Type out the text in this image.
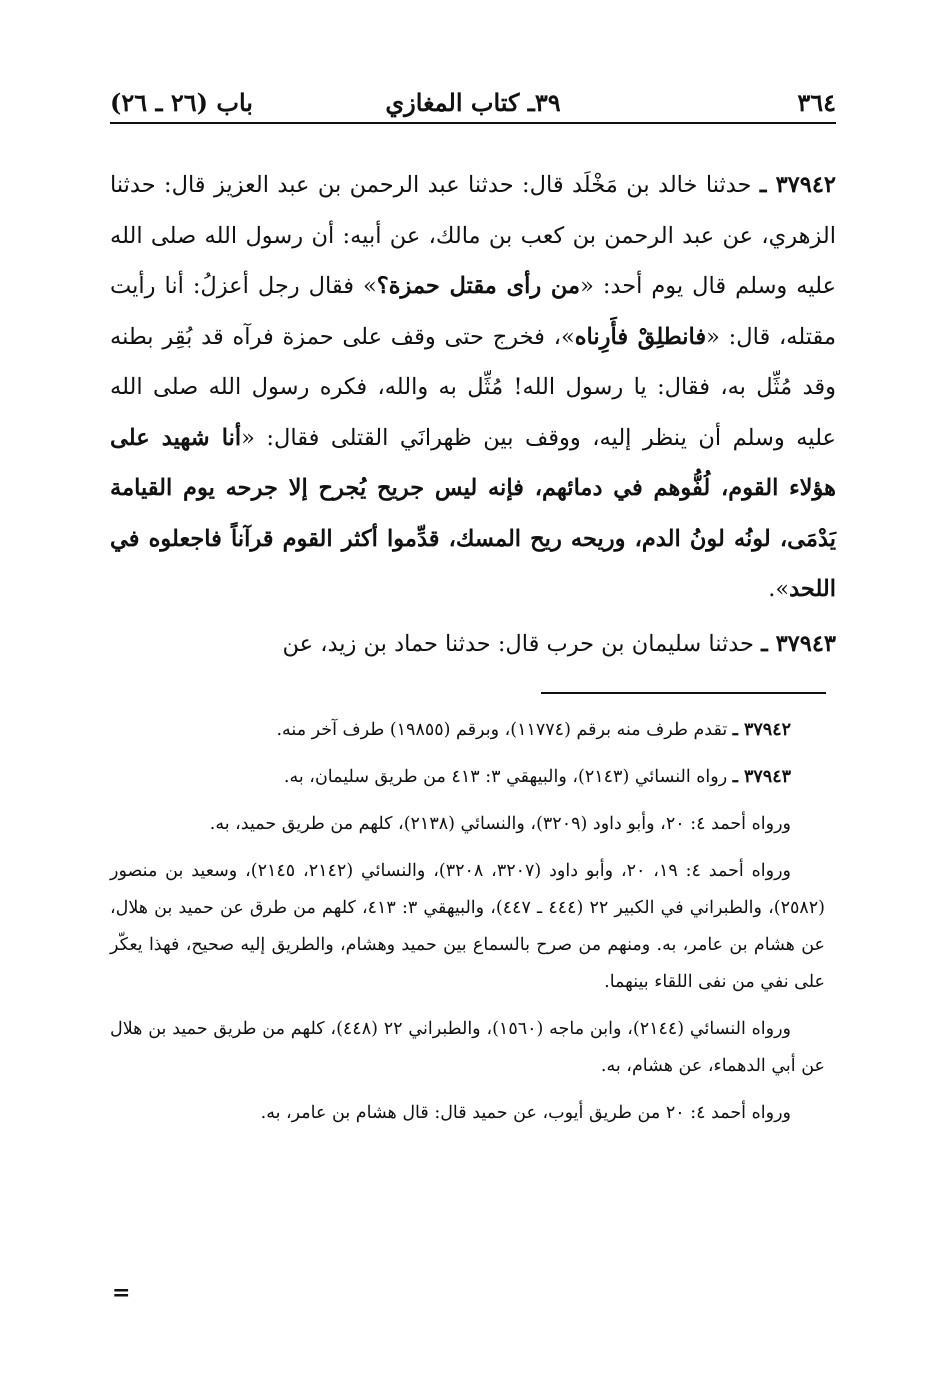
٣٦٤
٣٩ـ كتاب المغازي
باب (٢٦ ـ ٢٦)

٣٧٩٤٢ ـ حدثنا خالد بن مَخْلَد قال: حدثنا عبد الرحمن بن عبد العزيز قال: حدثنا الزهري، عن عبد الرحمن بن كعب بن مالك، عن أبيه: أن رسول الله صلى الله عليه وسلم قال يوم أحد: «من رأى مقتل حمزة؟» فقال رجل أعزلُ: أنا رأيت مقتله، قال: «فانطلِقْ فأَرِناه»، فخرج حتى وقف على حمزة فرآه قد بُقِر بطنه وقد مُثِّل به، فقال: يا رسول الله! مُثِّل به والله، فكره رسول الله صلى الله عليه وسلم أن ينظر إليه، ووقف بين ظهرانَي القتلى فقال: «أنا شهيد على هؤلاء القوم، لُفُّوهم في دمائهم، فإنه ليس جريح يُجرح إلا جرحه يوم القيامة يَدْمَى، لونُه لونُ الدم، وريحه ريح المسك، قدِّموا أكثر القوم قرآناً فاجعلوه في اللحد».

٣٧٩٤٣ ـ حدثنا سليمان بن حرب قال: حدثنا حماد بن زيد، عن

٣٧٩٤٢ ـ تقدم طرف منه برقم (١١٧٧٤)، وبرقم (١٩٨٥٥) طرف آخر منه.

٣٧٩٤٣ ـ رواه النسائي (٢١٤٣)، والبيهقي ٣: ٤١٣ من طريق سليمان، به.

ورواه أحمد ٤: ٢٠، وأبو داود (٣٢٠٩)، والنسائي (٢١٣٨)، كلهم من طريق حميد، به.

ورواه أحمد ٤: ١٩، ٢٠، وأبو داود (٣٢٠٧، ٣٢٠٨)، والنسائي (٢١٤٢، ٢١٤٥)، وسعيد بن منصور (٢٥٨٢)، والطبراني في الكبير ٢٢ (٤٤٤ ـ ٤٤٧)، والبيهقي ٣: ٤١٣، كلهم من طرق عن حميد بن هلال، عن هشام بن عامر، به. ومنهم من صرح بالسماع بين حميد وهشام، والطريق إليه صحيح، فهذا يعكّر على نفي من نفى اللقاء بينهما.

ورواه النسائي (٢١٤٤)، وابن ماجه (١٥٦٠)، والطبراني ٢٢ (٤٤٨)، كلهم من طريق حميد بن هلال عن أبي الدهماء، عن هشام، به.

ورواه أحمد ٤: ٢٠ من طريق أيوب، عن حميد قال: قال هشام بن عامر، به.

=
